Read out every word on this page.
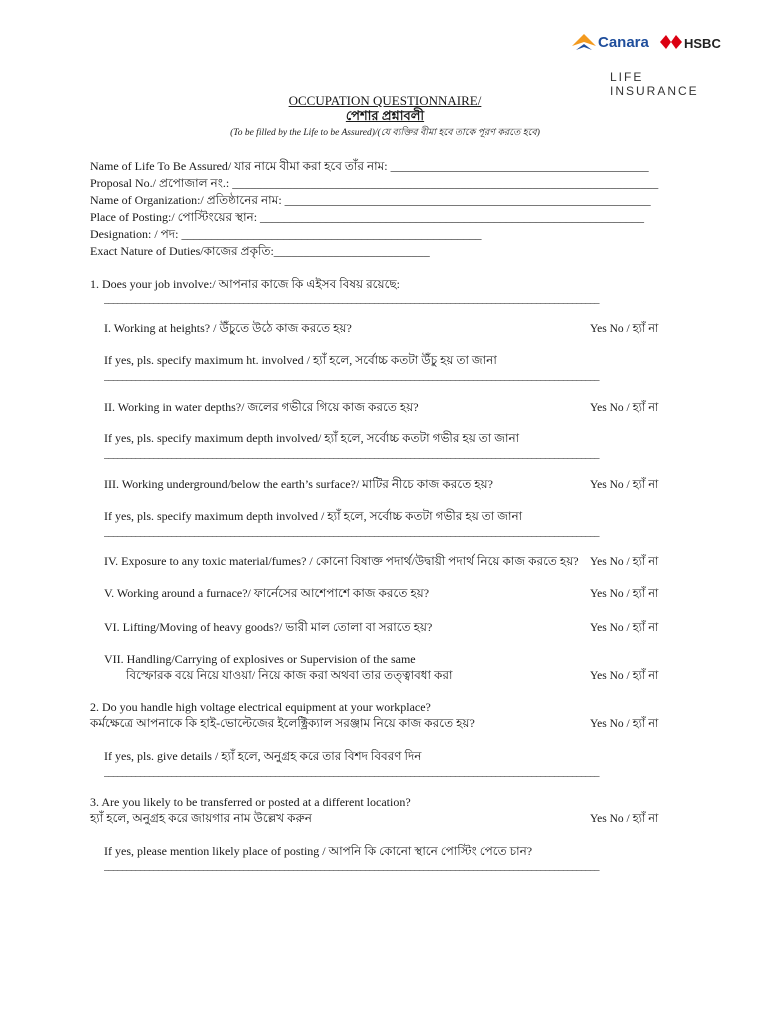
Canara	HSBC
LIFE INSURANCE
OCCUPATION QUESTIONNAIRE/
পেশার প্রশ্নাবলী
(To be filled by the Life to be Assured)/(যে ব্যক্তির বীমা হবে তাকে পূরণ করতে হবে)
Name of Life To Be Assured/ যার নামে বীমা করা হবে তাঁর নাম: ___________________________________________
Proposal No./ প্রপোজাল নং.: _______________________________________________________________________
Name of Organization:/ প্রতিষ্ঠানের নাম: _____________________________________________________________
Place of Posting:/ পোস্টিংয়ের স্থান: ________________________________________________________________
Designation: / পদ: __________________________________________________
Exact Nature of Duties/কাজের প্রকৃতি:__________________________
1. Does your job involve:/ আপনার কাজে কি এইসব বিষয় রয়েছে:
______________________________________________________________________________________________________________
I. Working at heights? / উঁচুতে উঠে কাজ করতে হয়?	Yes No / হ্যাঁ না
If yes, pls. specify maximum ht. involved / হ্যাঁ হলে, সর্বোচ্চ কতটা উঁচু হয় তা জানা
______________________________________________________________________________________________________________
II. Working in water depths?/ জলের গভীরে গিয়ে কাজ করতে হয়?	Yes No / হ্যাঁ না
If yes, pls. specify maximum depth involved/ হ্যাঁ হলে, সর্বোচ্চ কতটা গভীর হয় তা জানা
______________________________________________________________________________________________________________
III. Working underground/below the earth’s surface?/ মাটির নীচে কাজ করতে হয়?	Yes No / হ্যাঁ না
If yes, pls. specify maximum depth involved / হ্যাঁ হলে, সর্বোচ্চ কতটা গভীর হয় তা জানা
______________________________________________________________________________________________________________
IV. Exposure to any toxic material/fumes? / কোনো বিষাক্ত পদার্থ/উদ্বায়ী পদার্থ নিয়ে কাজ করতে হয়? Yes No / হ্যাঁ না
V. Working around a furnace?/ ফার্নেসের আশেপাশে কাজ করতে হয়?	Yes No / হ্যাঁ না
VI. Lifting/Moving of heavy goods?/ ভারী মাল তোলা বা সরাতে হয়?	Yes No / হ্যাঁ না
VII. Handling/Carrying of explosives or Supervision of the same
বিস্ফোরক বয়ে নিয়ে যাওয়া/ নিয়ে কাজ করা অথবা তার তত্ত্বাবধা করা	Yes No / হ্যাঁ না
2. Do you handle high voltage electrical equipment at your workplace?
কর্মক্ষেত্রে আপনাকে কি হাই-ভোল্টেজের ইলেক্ট্রিক্যাল সরঞ্জাম নিয়ে কাজ করতে হয়?	Yes No / হ্যাঁ না
If yes, pls. give details / হ্যাঁ হলে, অনুগ্রহ করে তার বিশদ বিবরণ দিন
______________________________________________________________________________________________________________
3. Are you likely to be transferred or posted at a different location?
হ্যাঁ হলে, অনুগ্রহ করে জায়গার নাম উল্লেখ করুন	Yes No / হ্যাঁ না
If yes, please mention likely place of posting / আপনি কি কোনো স্থানে পোস্টিং পেতে চান?
______________________________________________________________________________________________________________
